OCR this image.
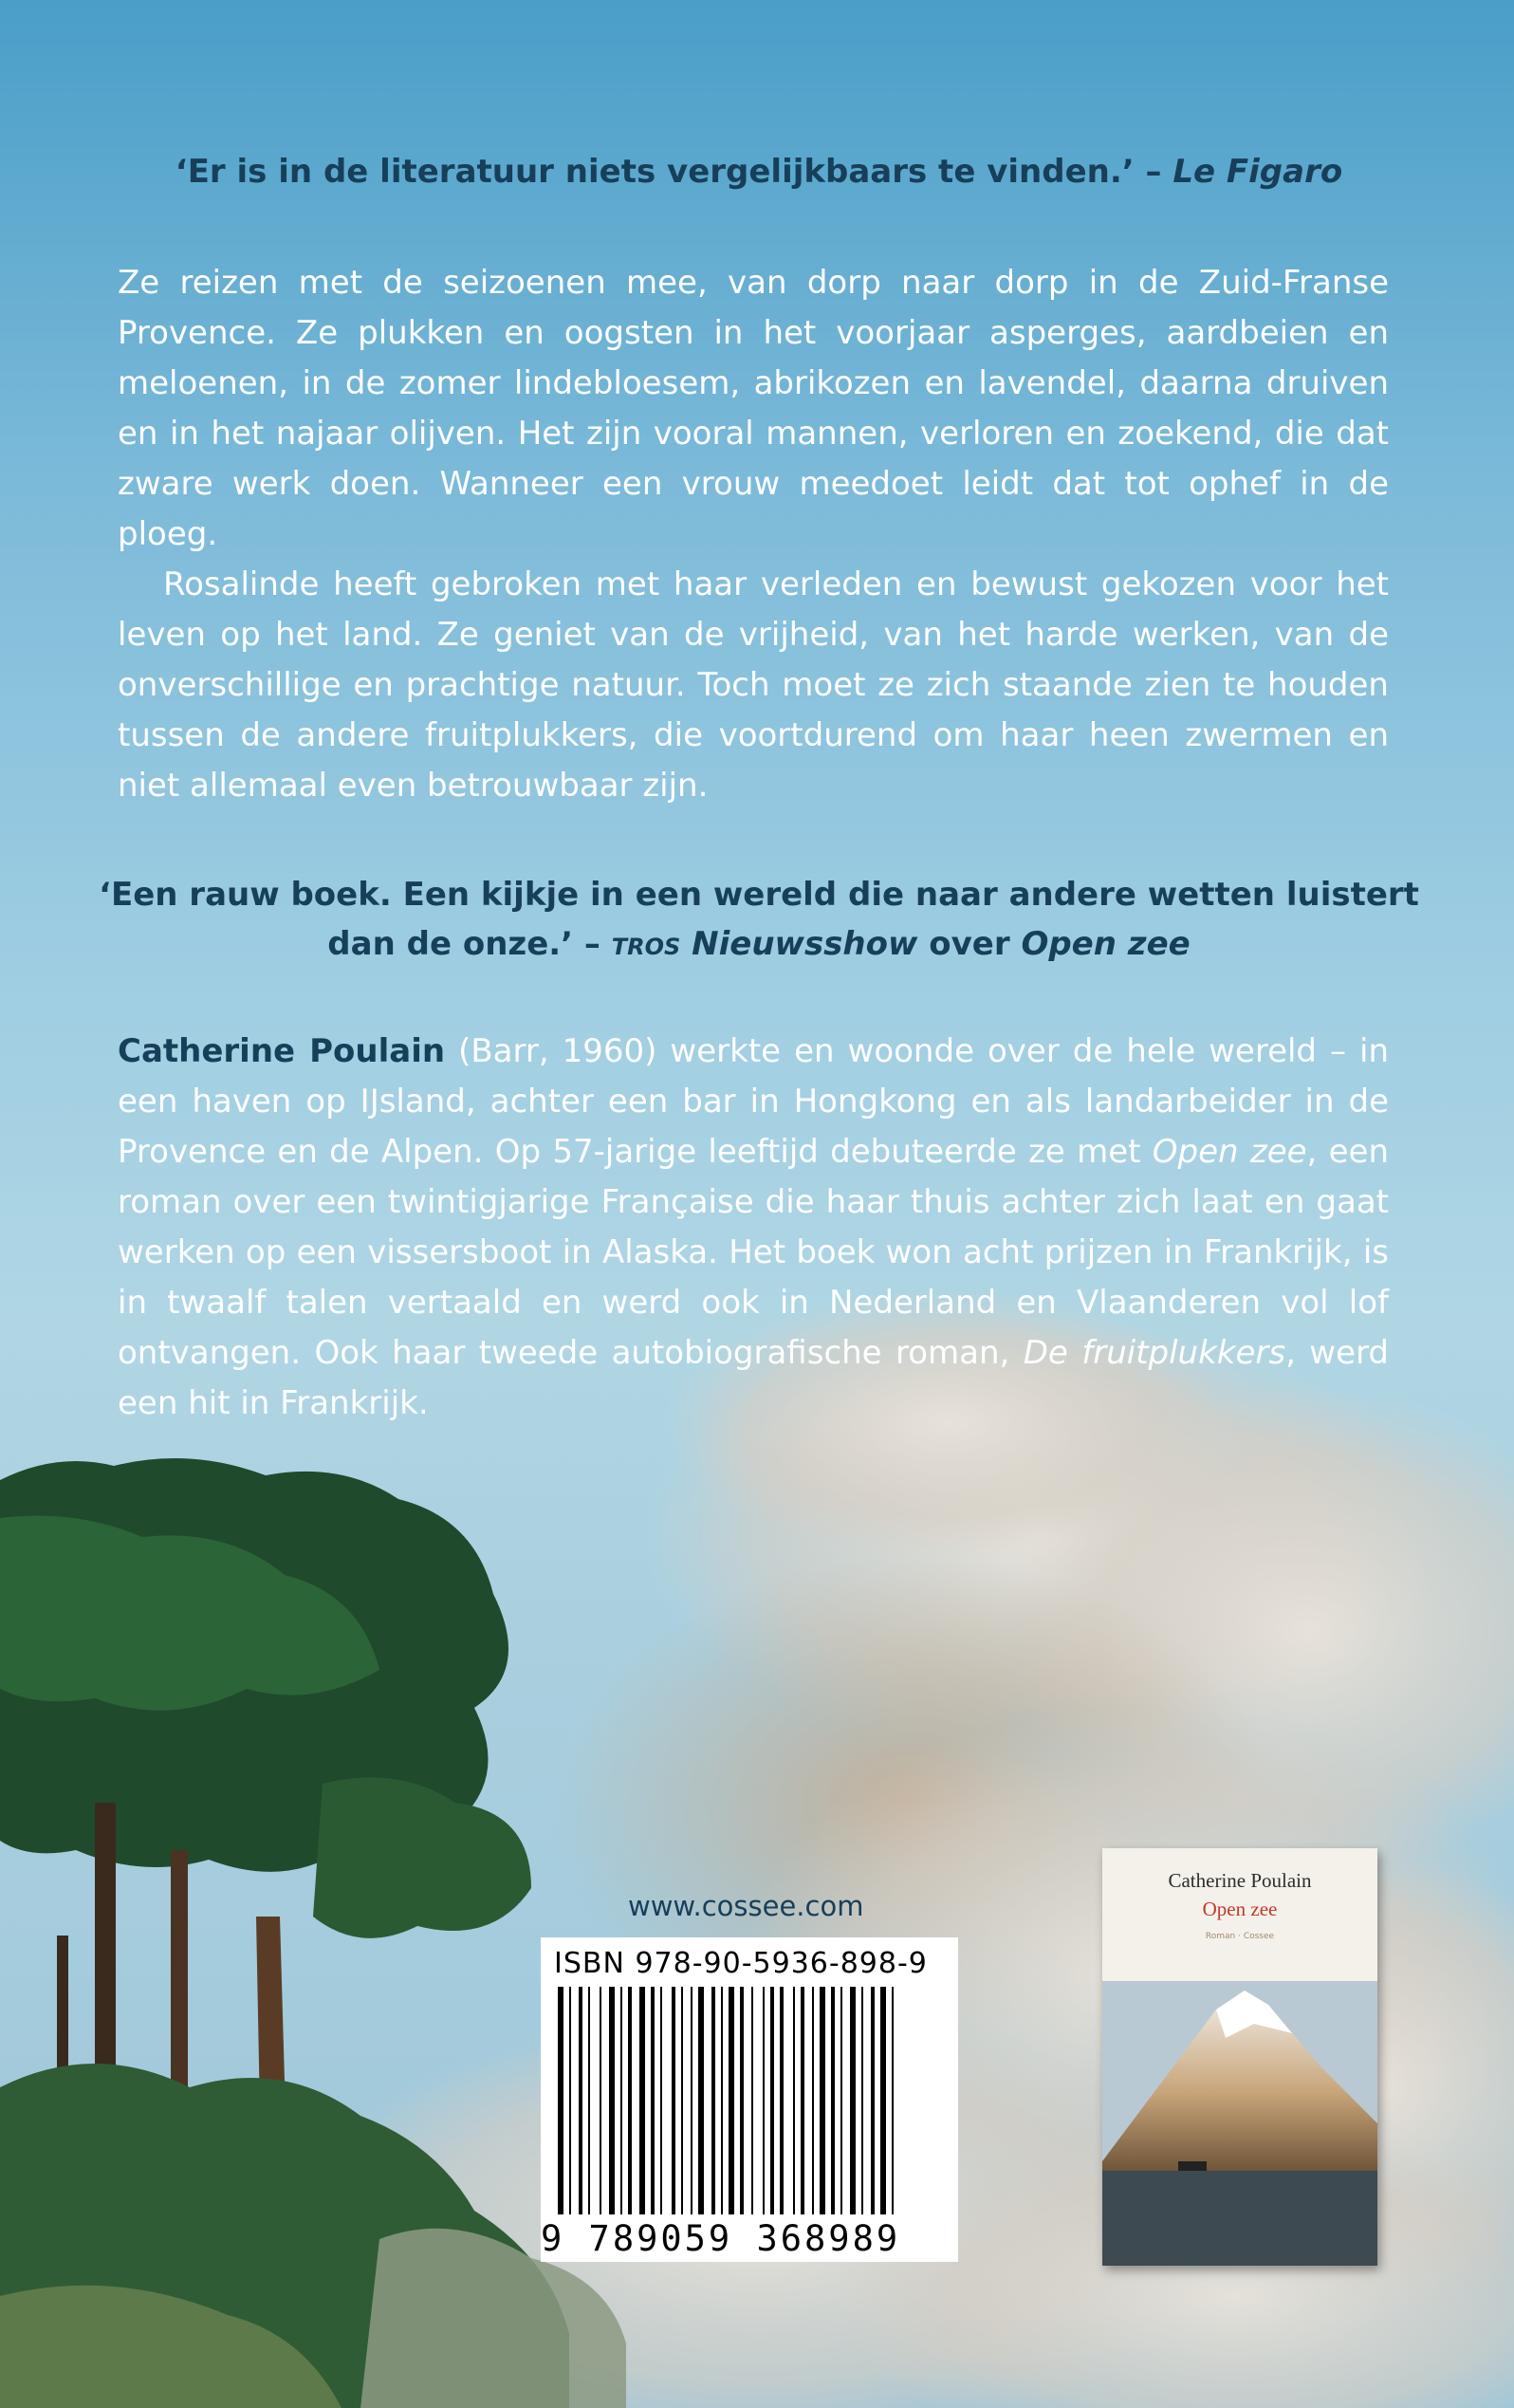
‘Er is in de literatuur niets vergelijkbaars te vinden.’ – Le Figaro
Ze reizen met de seizoenen mee, van dorp naar dorp in de Zuid-Franse Provence. Ze plukken en oogsten in het voorjaar asperges, aardbeien en meloenen, in de zomer lindebloesem, abrikozen en lavendel, daarna druiven en in het najaar olijven. Het zijn vooral mannen, verloren en zoekend, die dat zware werk doen. Wanneer een vrouw meedoet leidt dat tot ophef in de ploeg.
Rosalinde heeft gebroken met haar verleden en bewust gekozen voor het leven op het land. Ze geniet van de vrijheid, van het harde werken, van de onverschillige en prachtige natuur. Toch moet ze zich staande zien te houden tussen de andere fruitplukkers, die voortdurend om haar heen zwermen en niet allemaal even betrouwbaar zijn.
‘Een rauw boek. Een kijkje in een wereld die naar andere wetten luistert
dan de onze.’ – TROS Nieuwsshow over Open zee
Catherine Poulain (Barr, 1960) werkte en woonde over de hele wereld – in een haven op IJsland, achter een bar in Hongkong en als landarbeider in de Provence en de Alpen. Op 57-jarige leeftijd debuteerde ze met Open zee, een roman over een twintigjarige Française die haar thuis achter zich laat en gaat werken op een vissersboot in Alaska. Het boek won acht prijzen in Frankrijk, is in twaalf talen vertaald en werd ook in Nederland en Vlaanderen vol lof ontvangen. Ook haar tweede autobiografische roman, De fruitplukkers, werd een hit in Frankrijk.
www.cossee.com
ISBN 978-90-5936-898-9
9 789059 368989
Catherine Poulain
Open zee
Roman · Cossee
